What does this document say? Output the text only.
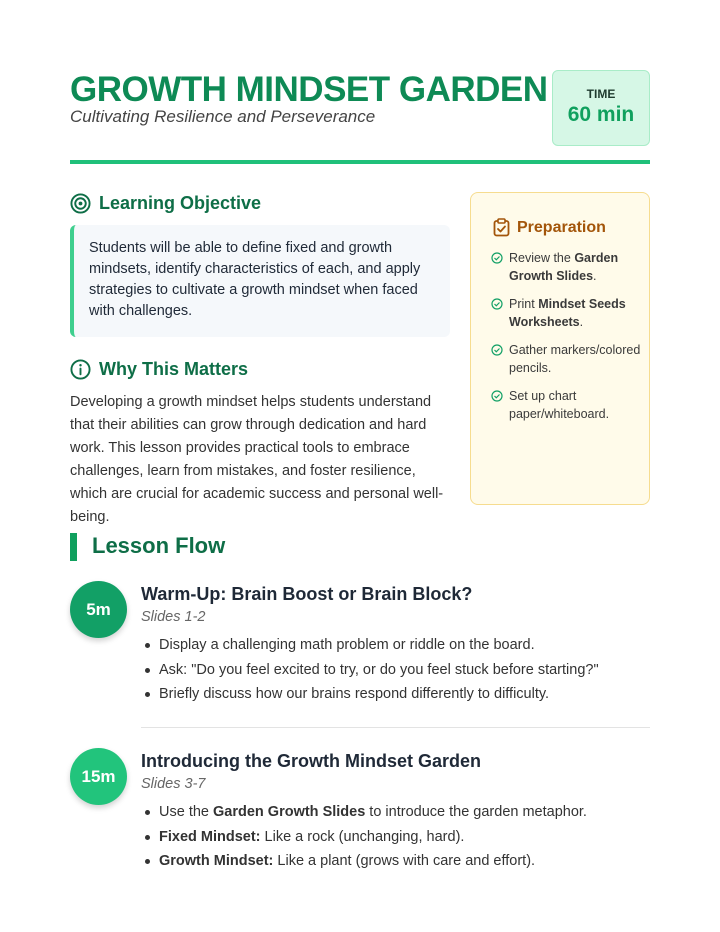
GROWTH MINDSET GARDEN
Cultivating Resilience and Perseverance
TIME
60 min
Learning Objective
Students will be able to define fixed and growth mindsets, identify characteristics of each, and apply strategies to cultivate a growth mindset when faced with challenges.
Why This Matters
Developing a growth mindset helps students understand that their abilities can grow through dedication and hard work. This lesson provides practical tools to embrace challenges, learn from mistakes, and foster resilience, which are crucial for academic success and personal well-being.
Preparation
Review the Garden Growth Slides.
Print Mindset Seeds Worksheets.
Gather markers/colored pencils.
Set up chart paper/whiteboard.
Lesson Flow
5m
Warm-Up: Brain Boost or Brain Block?
Slides 1-2
Display a challenging math problem or riddle on the board.
Ask: "Do you feel excited to try, or do you feel stuck before starting?"
Briefly discuss how our brains respond differently to difficulty.
15m
Introducing the Growth Mindset Garden
Slides 3-7
Use the Garden Growth Slides to introduce the garden metaphor.
Fixed Mindset: Like a rock (unchanging, hard).
Growth Mindset: Like a plant (grows with care and effort).
